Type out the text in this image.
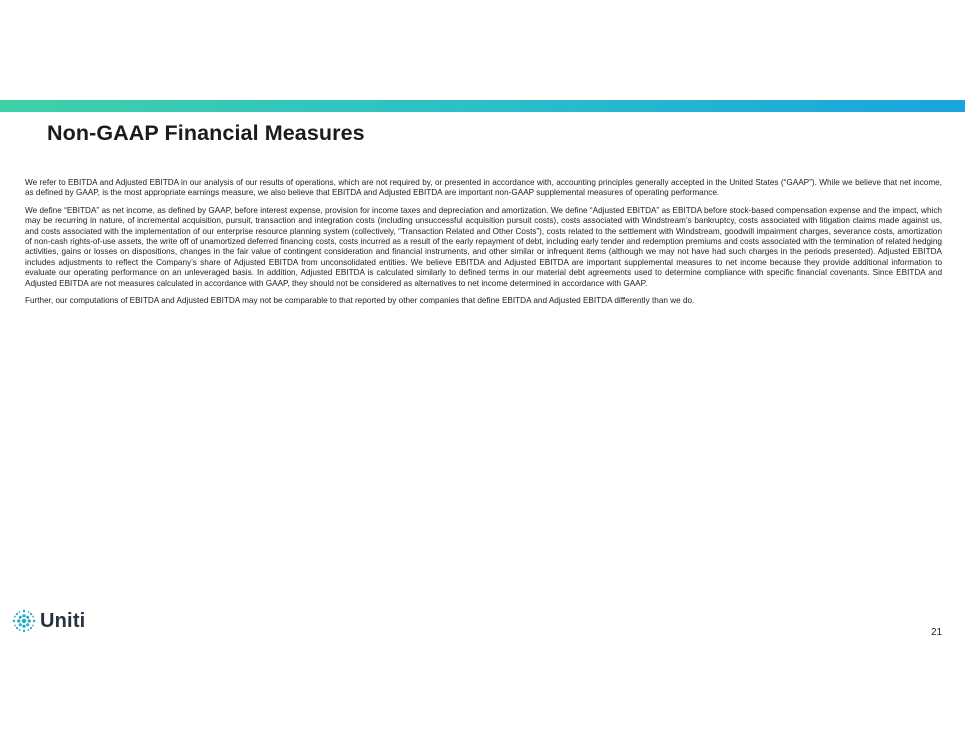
Non-GAAP Financial Measures

We refer to EBITDA and Adjusted EBITDA in our analysis of our results of operations, which are not required by, or presented in accordance with, accounting principles generally accepted in the United States (“GAAP”). While we believe that net income, as defined by GAAP, is the most appropriate earnings measure, we also believe that EBITDA and Adjusted EBITDA are important non-GAAP supplemental measures of operating performance.

We define “EBITDA” as net income, as defined by GAAP, before interest expense, provision for income taxes and depreciation and amortization. We define “Adjusted EBITDA” as EBITDA before stock-based compensation expense and the impact, which may be recurring in nature, of incremental acquisition, pursuit, transaction and integration costs (including unsuccessful acquisition pursuit costs), costs associated with Windstream’s bankruptcy, costs associated with litigation claims made against us, and costs associated with the implementation of our enterprise resource planning system (collectively, “Transaction Related and Other Costs”), costs related to the settlement with Windstream, goodwill impairment charges, severance costs, amortization of non-cash rights-of-use assets, the write off of unamortized deferred financing costs, costs incurred as a result of the early repayment of debt, including early tender and redemption premiums and costs associated with the termination of related hedging activities, gains or losses on dispositions, changes in the fair value of contingent consideration and financial instruments, and other similar or infrequent items (although we may not have had such charges in the periods presented). Adjusted EBITDA includes adjustments to reflect the Company’s share of Adjusted EBITDA from unconsolidated entities. We believe EBITDA and Adjusted EBITDA are important supplemental measures to net income because they provide additional information to evaluate our operating performance on an unleveraged basis. In addition, Adjusted EBITDA is calculated similarly to defined terms in our material debt agreements used to determine compliance with specific financial covenants. Since EBITDA and Adjusted EBITDA are not measures calculated in accordance with GAAP, they should not be considered as alternatives to net income determined in accordance with GAAP.

Further, our computations of EBITDA and Adjusted EBITDA may not be comparable to that reported by other companies that define EBITDA and Adjusted EBITDA differently than we do.

Uniti
21
